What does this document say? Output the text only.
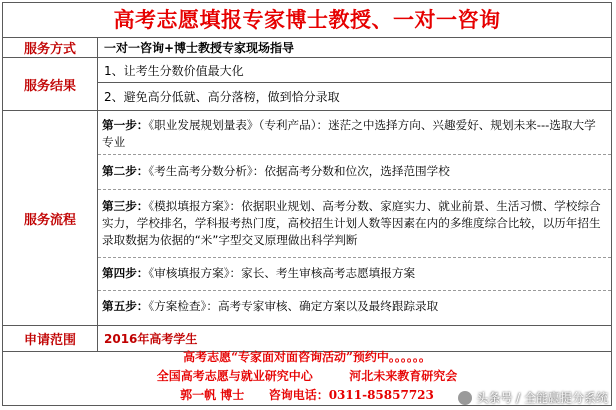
高考志愿填报专家博士教授、一对一咨询
服务方式	一对一咨询+博士教授专家现场指导
服务结果	1、让考生分数价值最大化
	2、避免高分低就、高分落榜，做到恰分录取
服务流程	第一步：《职业发展规划量表》（专利产品）：迷茫之中选择方向、兴趣爱好、规划未来---选取大学专业
第二步：《考生高考分数分析》：依据高考分数和位次，选择范围学校
第三步：《模拟填报方案》：依据职业规划、高考分数、家庭实力、就业前景、生活习惯、学校综合实力，学校排名，学科报考热门度，高校招生计划人数等因素在内的多维度综合比较，以历年招生录取数据为依据的“米”字型交叉原理做出科学判断
第四步：《审核填报方案》：家长、考生审核高考志愿填报方案
第五步：《方案检查》：高考专家审核、确定方案以及最终跟踪录取

申请范围	2016年高考学生
高考志愿“专家面对面咨询活动”预约中。。。。。。
全国高考志愿与就业研究中心	河北未来教育研究会
郭一帆 博士 咨询电话：0311-85857723	头条号 / 全能赢提分系统
